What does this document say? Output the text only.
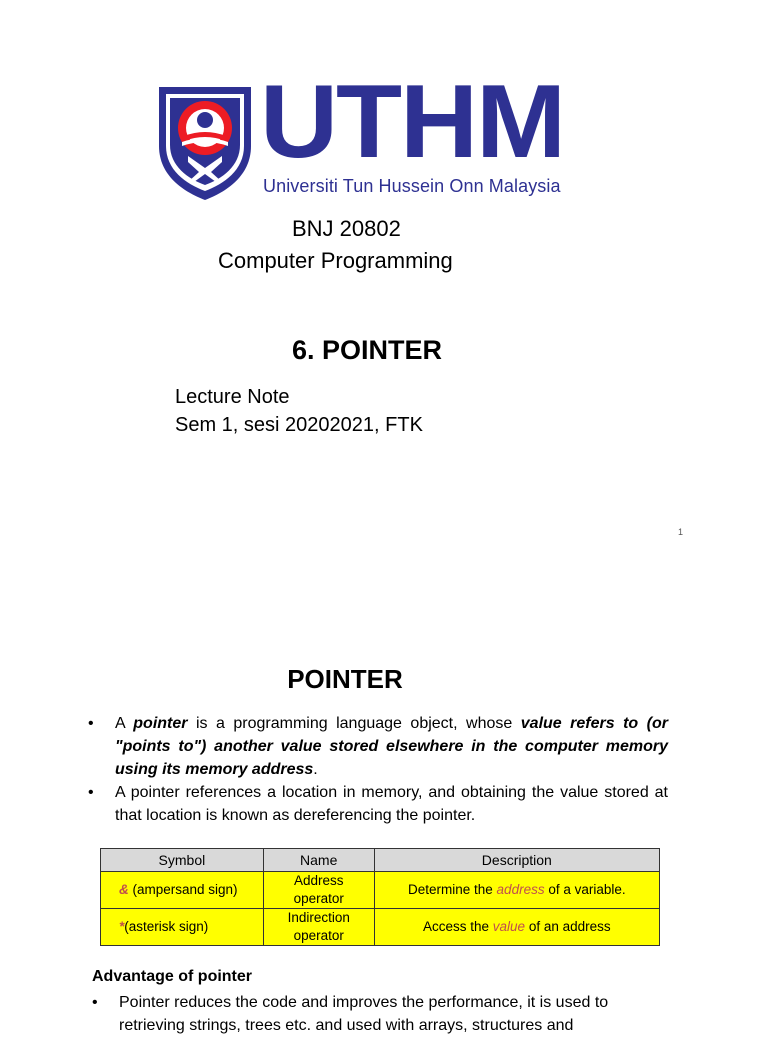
UTHM
Universiti Tun Hussein Onn Malaysia
BNJ 20802
Computer Programming
6. POINTER
Lecture Note
Sem 1, sesi 20202021, FTK
1
POINTER
• A pointer is a programming language object, whose value refers to (or "points to") another value stored elsewhere in the computer memory using its memory address.
• A pointer references a location in memory, and obtaining the value stored at that location is known as dereferencing the pointer.
Symbol	Name	Description
& (ampersand sign)	Address operator	Determine the address of a variable.
*(asterisk sign)	Indirection operator	Access the value of an address
Advantage of pointer
• Pointer reduces the code and improves the performance, it is used to retrieving strings, trees etc. and used with arrays, structures and
